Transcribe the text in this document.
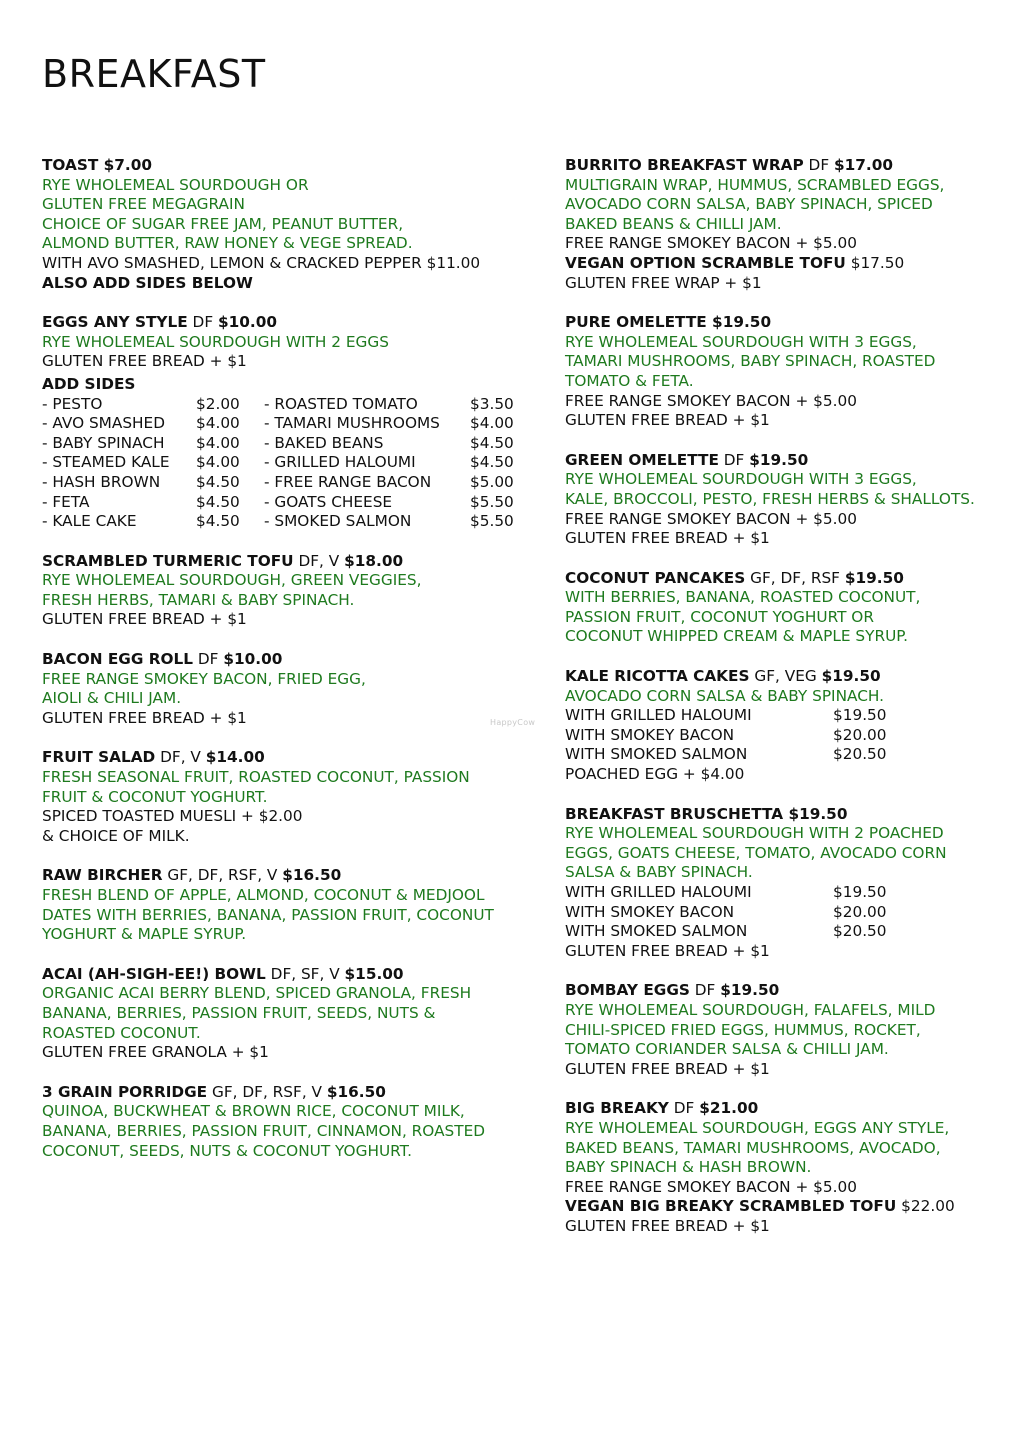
BREAKFAST
TOAST $7.00
RYE WHOLEMEAL SOURDOUGH OR
GLUTEN FREE MEGAGRAIN
CHOICE OF SUGAR FREE JAM, PEANUT BUTTER,
ALMOND BUTTER, RAW HONEY & VEGE SPREAD.
WITH AVO SMASHED, LEMON & CRACKED PEPPER $11.00
ALSO ADD SIDES BELOW
EGGS ANY STYLE DF $10.00
RYE WHOLEMEAL SOURDOUGH WITH 2 EGGS
GLUTEN FREE BREAD + $1
ADD SIDES
- PESTO	$2.00	- ROASTED TOMATO	$3.50
- AVO SMASHED	$4.00	- TAMARI MUSHROOMS	$4.00
- BABY SPINACH	$4.00	- BAKED BEANS	$4.50
- STEAMED KALE	$4.00	- GRILLED HALOUMI	$4.50
- HASH BROWN	$4.50	- FREE RANGE BACON	$5.00
- FETA	$4.50	- GOATS CHEESE	$5.50
- KALE CAKE	$4.50	- SMOKED SALMON	$5.50
SCRAMBLED TURMERIC TOFU DF, V $18.00
RYE WHOLEMEAL SOURDOUGH, GREEN VEGGIES,
FRESH HERBS, TAMARI & BABY SPINACH.
GLUTEN FREE BREAD + $1
BACON EGG ROLL DF $10.00
FREE RANGE SMOKEY BACON, FRIED EGG,
AIOLI & CHILI JAM.
GLUTEN FREE BREAD + $1
FRUIT SALAD DF, V $14.00
FRESH SEASONAL FRUIT, ROASTED COCONUT, PASSION
FRUIT & COCONUT YOGHURT.
SPICED TOASTED MUESLI + $2.00
& CHOICE OF MILK.
RAW BIRCHER GF, DF, RSF, V $16.50
FRESH BLEND OF APPLE, ALMOND, COCONUT & MEDJOOL
DATES WITH BERRIES, BANANA, PASSION FRUIT, COCONUT
YOGHURT & MAPLE SYRUP.
ACAI (AH-SIGH-EE!) BOWL DF, SF, V $15.00
ORGANIC ACAI BERRY BLEND, SPICED GRANOLA, FRESH
BANANA, BERRIES, PASSION FRUIT, SEEDS, NUTS &
ROASTED COCONUT.
GLUTEN FREE GRANOLA + $1
3 GRAIN PORRIDGE GF, DF, RSF, V $16.50
QUINOA, BUCKWHEAT & BROWN RICE, COCONUT MILK,
BANANA, BERRIES, PASSION FRUIT, CINNAMON, ROASTED
COCONUT, SEEDS, NUTS & COCONUT YOGHURT.
BURRITO BREAKFAST WRAP DF $17.00
MULTIGRAIN WRAP, HUMMUS, SCRAMBLED EGGS,
AVOCADO CORN SALSA, BABY SPINACH, SPICED
BAKED BEANS & CHILLI JAM.
FREE RANGE SMOKEY BACON + $5.00
VEGAN OPTION SCRAMBLE TOFU $17.50
GLUTEN FREE WRAP + $1
PURE OMELETTE $19.50
RYE WHOLEMEAL SOURDOUGH WITH 3 EGGS,
TAMARI MUSHROOMS, BABY SPINACH, ROASTED
TOMATO & FETA.
FREE RANGE SMOKEY BACON + $5.00
GLUTEN FREE BREAD + $1
GREEN OMELETTE DF $19.50
RYE WHOLEMEAL SOURDOUGH WITH 3 EGGS,
KALE, BROCCOLI, PESTO, FRESH HERBS & SHALLOTS.
FREE RANGE SMOKEY BACON + $5.00
GLUTEN FREE BREAD + $1
COCONUT PANCAKES GF, DF, RSF $19.50
WITH BERRIES, BANANA, ROASTED COCONUT,
PASSION FRUIT, COCONUT YOGHURT OR
COCONUT WHIPPED CREAM & MAPLE SYRUP.
KALE RICOTTA CAKES GF, VEG $19.50
AVOCADO CORN SALSA & BABY SPINACH.
WITH GRILLED HALOUMI	$19.50
WITH SMOKEY BACON	$20.00
WITH SMOKED SALMON	$20.50
POACHED EGG + $4.00
BREAKFAST BRUSCHETTA $19.50
RYE WHOLEMEAL SOURDOUGH WITH 2 POACHED
EGGS, GOATS CHEESE, TOMATO, AVOCADO CORN
SALSA & BABY SPINACH.
WITH GRILLED HALOUMI	$19.50
WITH SMOKEY BACON	$20.00
WITH SMOKED SALMON	$20.50
GLUTEN FREE BREAD + $1
BOMBAY EGGS DF $19.50
RYE WHOLEMEAL SOURDOUGH, FALAFELS, MILD
CHILI-SPICED FRIED EGGS, HUMMUS, ROCKET,
TOMATO CORIANDER SALSA & CHILLI JAM.
GLUTEN FREE BREAD + $1
BIG BREAKY DF $21.00
RYE WHOLEMEAL SOURDOUGH, EGGS ANY STYLE,
BAKED BEANS, TAMARI MUSHROOMS, AVOCADO,
BABY SPINACH & HASH BROWN.
FREE RANGE SMOKEY BACON + $5.00
VEGAN BIG BREAKY SCRAMBLED TOFU $22.00
GLUTEN FREE BREAD + $1
HappyCow
